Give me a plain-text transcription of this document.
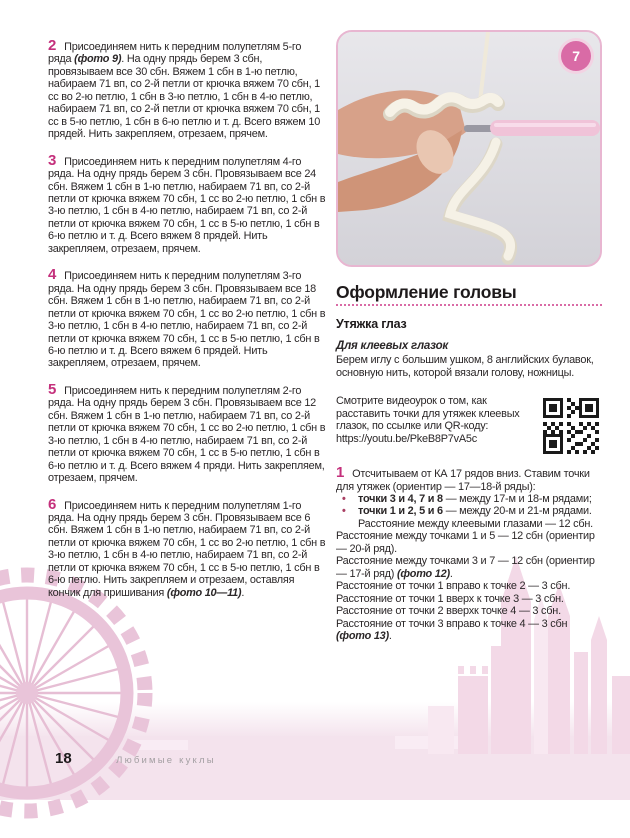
2 Присоединяем нить к передним полупетлям 5-го ряда (фото 9). На одну прядь берем 3 сбн, провязываем все 30 сбн. Вяжем 1 сбн в 1-ю петлю, набираем 71 вп, со 2-й петли от крючка вяжем 70 сбн, 1 сс во 2-ю петлю, 1 сбн в 3-ю петлю, 1 сбн в 4-ю петлю, набираем 71 вп, со 2-й петли от крючка вяжем 70 сбн, 1 сс в 5-ю петлю, 1 сбн в 6-ю петлю и т. д. Всего вяжем 10 прядей. Нить закрепляем, отрезаем, прячем.

3 Присоединяем нить к передним полупетлям 4-го ряда. На одну прядь берем 3 сбн. Провязываем все 24 сбн. Вяжем 1 сбн в 1-ю петлю, набираем 71 вп, со 2-й петли от крючка вяжем 70 сбн, 1 сс во 2-ю петлю, 1 сбн в 3-ю петлю, 1 сбн в 4-ю петлю, набираем 71 вп, со 2-й петли от крючка вяжем 70 сбн, 1 сс в 5-ю петлю, 1 сбн в 6-ю петлю и т. д. Всего вяжем 8 прядей. Нить закрепляем, отрезаем, прячем.

4 Присоединяем нить к передним полупетлям 3-го ряда. На одну прядь берем 3 сбн. Провязываем все 18 сбн. Вяжем 1 сбн в 1-ю петлю, набираем 71 вп, со 2-й петли от крючка вяжем 70 сбн, 1 сс во 2-ю петлю, 1 сбн в 3-ю петлю, 1 сбн в 4-ю петлю, набираем 71 вп, со 2-й петли от крючка вяжем 70 сбн, 1 сс в 5-ю петлю, 1 сбн в 6-ю петлю и т. д. Всего вяжем 6 прядей. Нить закрепляем, отрезаем, прячем.

5 Присоединяем нить к передним полупетлям 2-го ряда. На одну прядь берем 3 сбн. Провязываем все 12 сбн. Вяжем 1 сбн в 1-ю петлю, набираем 71 вп, со 2-й петли от крючка вяжем 70 сбн, 1 сс во 2-ю петлю, 1 сбн в 3-ю петлю, 1 сбн в 4-ю петлю, набираем 71 вп, со 2-й петли от крючка вяжем 70 сбн, 1 сс в 5-ю петлю, 1 сбн в 6-ю петлю и т. д. Всего вяжем 4 пряди. Нить закрепляем, отрезаем, прячем.

6 Присоединяем нить к передним полупетлям 1-го ряда. На одну прядь берем 3 сбн. Провязываем все 6 сбн. Вяжем 1 сбн в 1-ю петлю, набираем 71 вп, со 2-й петли от крючка вяжем 70 сбн, 1 сс во 2-ю петлю, 1 сбн в 3-ю петлю, 1 сбн в 4-ю петлю, набираем 71 вп, со 2-й петли от крючка вяжем 70 сбн, 1 сс в 5-ю петлю, 1 сбн в 6-ю петлю. Нить закрепляем и отрезаем, оставляя кончик для пришивания (фото 10—11).

7
Оформление головы
Утяжка глаз
Для клеевых глазок

Берем иглу с большим ушком, 8 английских булавок, основную нить, которой вязали голову, ножницы.

Смотрите видеоурок о том, как расставить точки для утяжек клеевых глазок, по ссылке или QR-коду: https://youtu.be/PkeB8P7vA5c

1 Отсчитываем от КА 17 рядов вниз. Ставим точки для утяжек (ориентир — 17—18-й ряды):

• точки 3 и 4, 7 и 8 — между 17-м и 18-м рядами;
• точки 1 и 2, 5 и 6 — между 20-м и 21-м рядами. Расстояние между клеевыми глазами — 12 сбн.
Расстояние между точками 1 и 5 — 12 сбн (ориентир — 20-й ряд).
Расстояние между точками 3 и 7 — 12 сбн (ориентир — 17-й ряд) (фото 12).
Расстояние от точки 1 вправо к точке 2 — 3 сбн.
Расстояние от точки 1 вверх к точке 3 — 3 сбн.
Расстояние от точки 2 вверхк точке 4 — 3 сбн.
Расстояние от точки 3 вправо к точке 4 — 3 сбн (фото 13).
18	Любимые куклы
